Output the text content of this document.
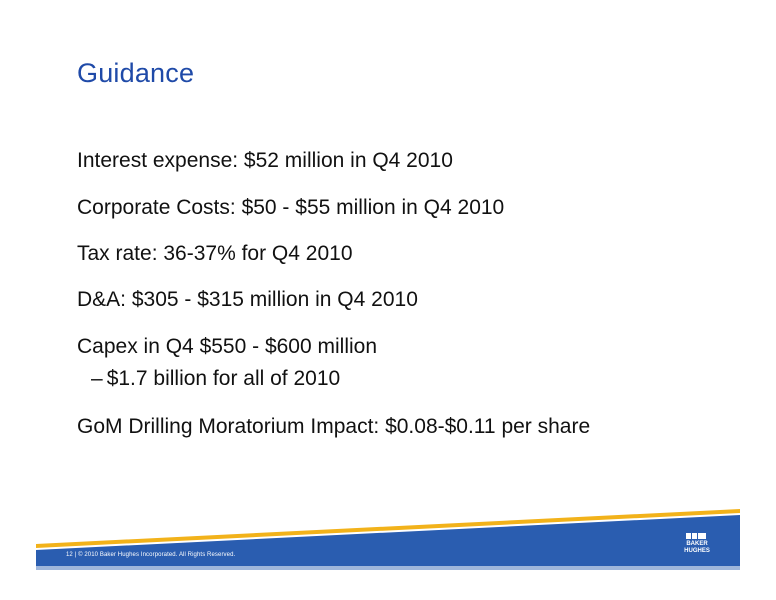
Guidance
Interest expense: $52 million in Q4 2010
Corporate Costs: $50 - $55 million in Q4 2010
Tax rate: 36-37% for Q4 2010
D&A: $305 - $315 million in Q4 2010
Capex in Q4 $550 - $600 million
– $1.7 billion for all of 2010
GoM Drilling Moratorium Impact: $0.08-$0.11 per share
12 | © 2010 Baker Hughes Incorporated. All Rights Reserved.
BAKER
HUGHES
